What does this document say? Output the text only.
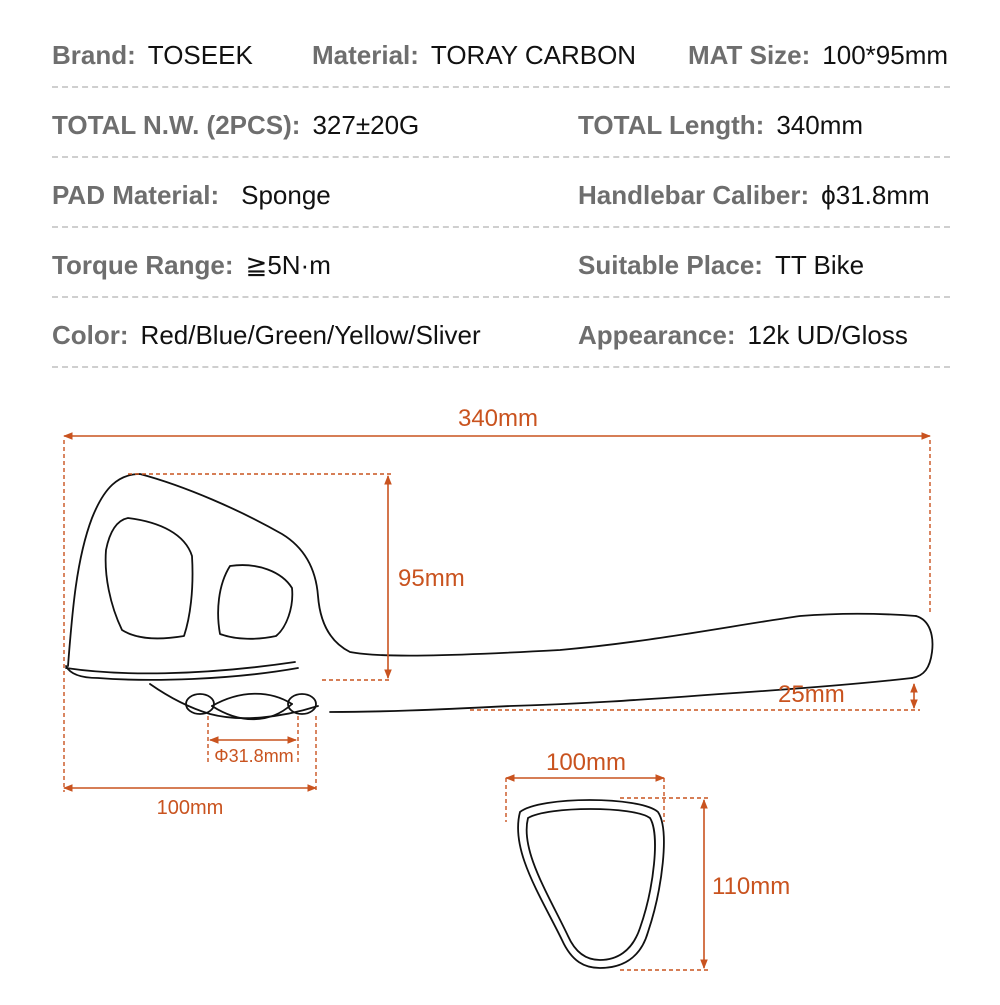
Brand: TOSEEK Material: TORAY CARBON MAT Size: 100*95mm
TOTAL N.W. (2PCS): 327±20G	TOTAL Length: 340mm
PAD Material: Sponge	Handlebar Caliber: ϕ31.8mm
Torque Range: ≧5N·m	Suitable Place: TT Bike
Color: Red/Blue/Green/Yellow/Sliver	Appearance: 12k UD/Gloss
340mm
95mm
25mm
Φ31.8mm
100mm
100mm
110mm
